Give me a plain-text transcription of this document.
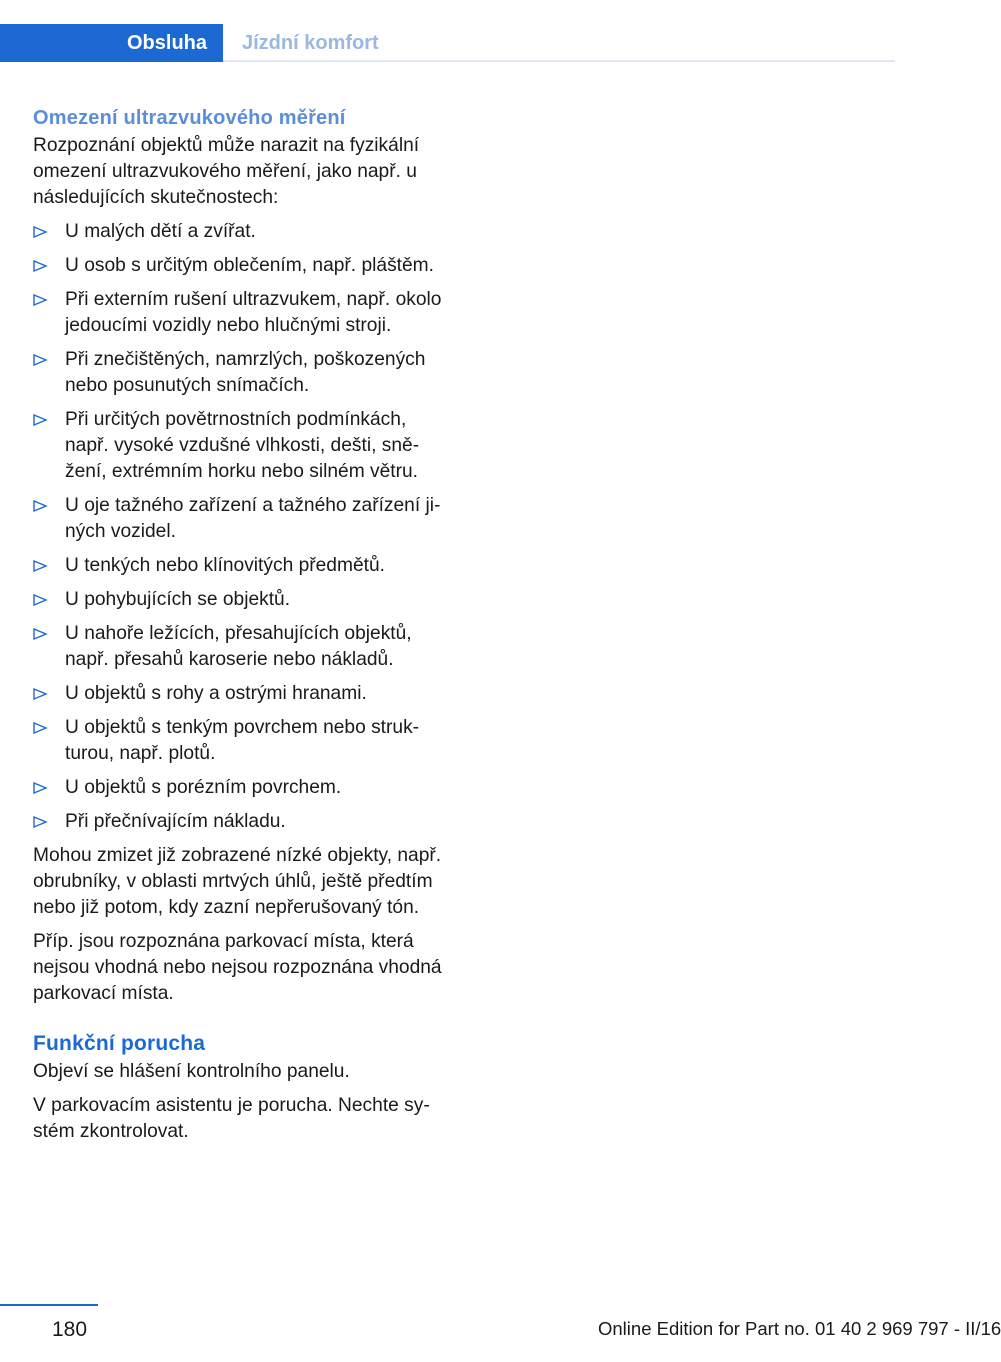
Obsluha Jízdní komfort
Omezení ultrazvukového měření

Rozpoznání objektů může narazit na fyzikální omezení ultrazvukového měření, jako např. u následujících skutečnostech:

U malých dětí a zvířat.
U osob s určitým oblečením, např. pláštěm.
Při externím rušení ultrazvukem, např. okolo jedoucími vozidly nebo hlučnými stroji.
Při znečištěných, namrzlých, poškozených nebo posunutých snímačích.
Při určitých povětrnostních podmínkách, např. vysoké vzdušné vlhkosti, dešti, sněžení, extrémním horku nebo silném větru.
U oje tažného zařízení a tažného zařízení jiných vozidel.
U tenkých nebo klínovitých předmětů.
U pohybujících se objektů.
U nahoře ležících, přesahujících objektů, např. přesahů karoserie nebo nákladů.
U objektů s rohy a ostrými hranami.
U objektů s tenkým povrchem nebo strukturou, např. plotů.
U objektů s porézním povrchem.
Při přečnívajícím nákladu.

Mohou zmizet již zobrazené nízké objekty, např. obrubníky, v oblasti mrtvých úhlů, ještě předtím nebo již potom, kdy zazní nepřerušovaný tón.

Příp. jsou rozpoznána parkovací místa, která nejsou vhodná nebo nejsou rozpoznána vhodná parkovací místa.

Funkční porucha

Objeví se hlášení kontrolního panelu.

V parkovacím asistentu je porucha. Nechte systém zkontrolovat.

180	Online Edition for Part no. 01 40 2 969 797 - II/16
